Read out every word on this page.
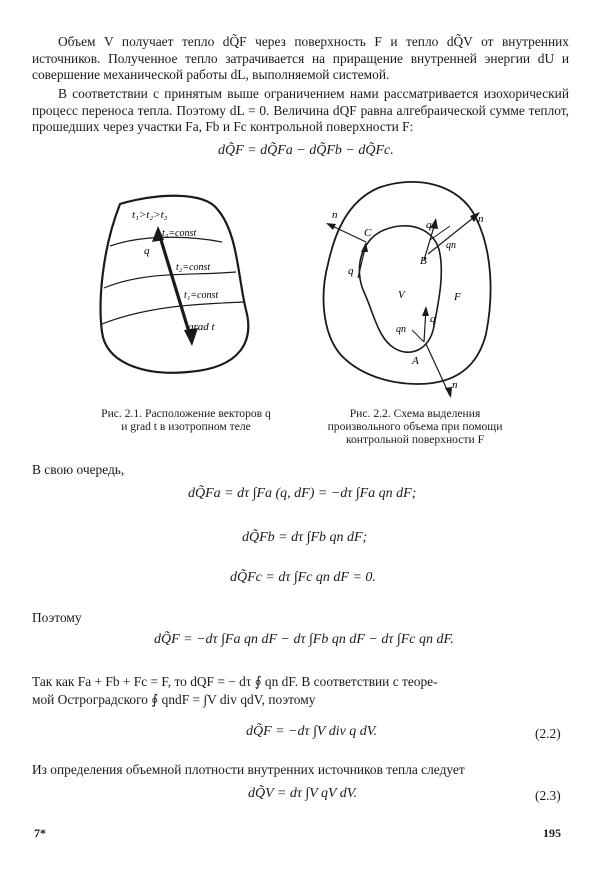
Объем V получает тепло dQ̃F через поверхность F и тепло dQ̃V от внутренних источников. Полученное тепло затрачивается на приращение внутренней энергии dU и совершение механической работы dL, выполняемой системой.

В соответствии с принятым выше ограничением нами рассматривается изохорический процесс переноса тепла. Поэтому dL = 0. Величина dQF равна алгебраической сумме теплот, прошедших через участки Fa, Fb и Fc контрольной поверхности F:

dQ̃F = dQ̃Fa − dQ̃Fb − dQ̃Fc.
t₁>t₂>t₃
t₃=const
q
t₂=const
t₁=const
grad t
Рис. 2.1. Расположение векторов q и grad t в изотропном теле
n
C
q
q
qn
n
B
V	F
q
qn
A
n
Рис. 2.2. Схема выделения произвольного объема при помощи контрольной поверхности F

В свою очередь,

dQ̃Fa = dτ ∫Fa (q, dF) = −dτ ∫Fa qn dF;
dQ̃Fb = dτ ∫Fb qn dF;
dQ̃Fc = dτ ∫Fc qn dF = 0.

Поэтому

dQ̃F = −dτ ∫Fa qn dF − dτ ∫Fb qn dF − dτ ∫Fc qn dF.

Так как Fa + Fb + Fc = F, то dQF = − dτ ∮ qn dF. В соответствии с теоре-

мой Остроградского ∮ qndF = ∫V div qdV, поэтому

dQ̃F = −dτ ∫V div q dV.	(2.2)

Из определения объемной плотности внутренних источников тепла следует

dQ̃V = dτ ∫V qV dV.	(2.3)
7*	195
